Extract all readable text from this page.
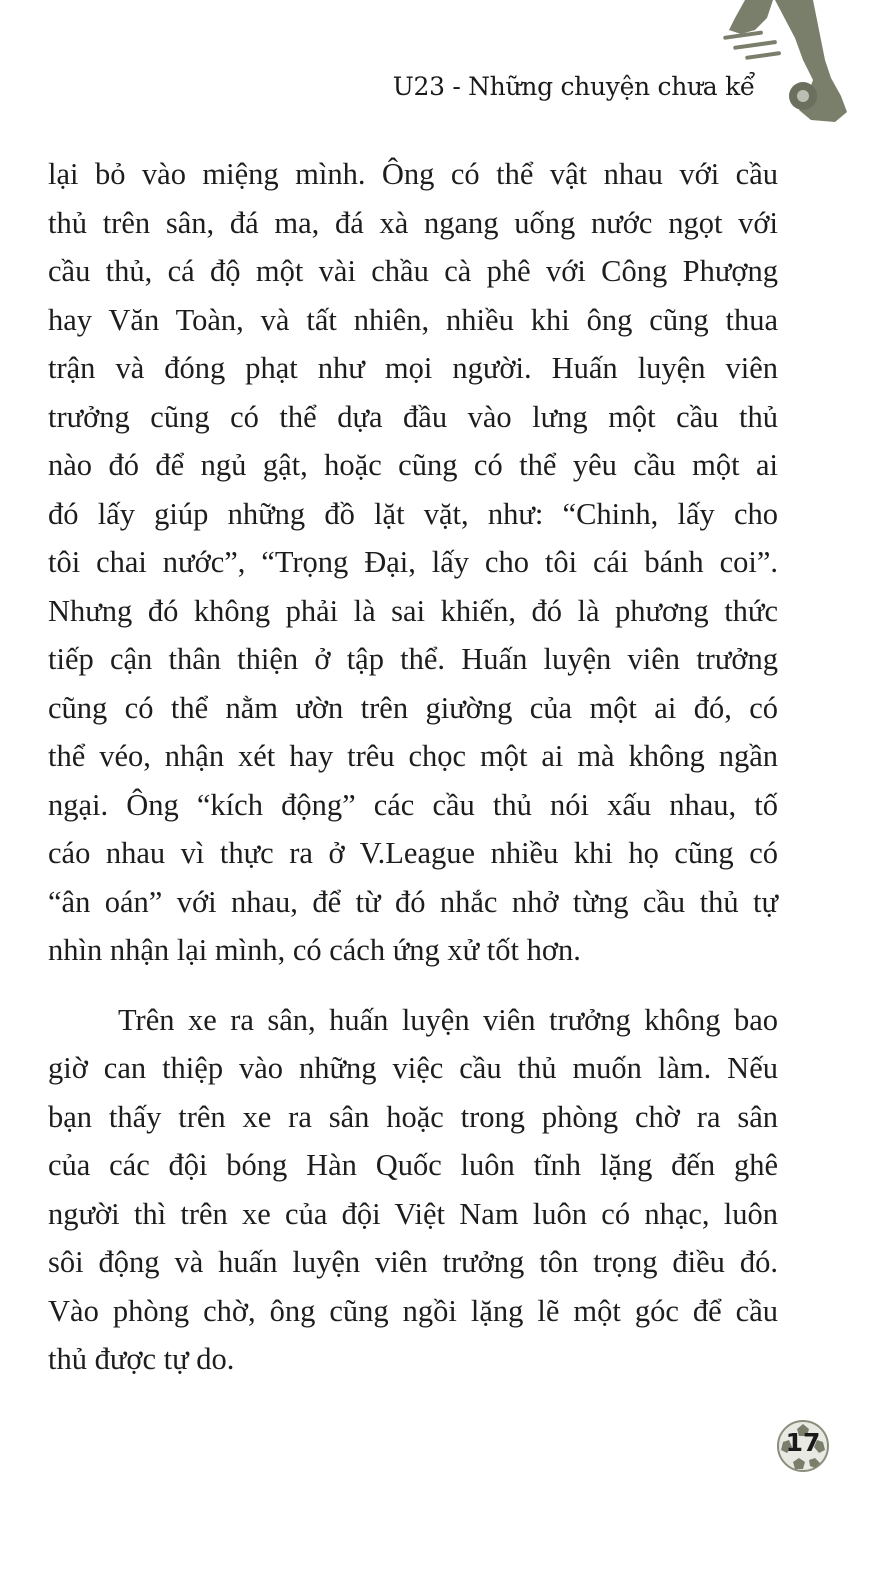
U23 - Những chuyện chưa kể
lại bỏ vào miệng mình. Ông có thể vật nhau với cầu
thủ trên sân, đá ma, đá xà ngang uống nước ngọt với
cầu thủ, cá độ một vài chầu cà phê với Công Phượng
hay Văn Toàn, và tất nhiên, nhiều khi ông cũng thua
trận và đóng phạt như mọi người. Huấn luyện viên
trưởng cũng có thể dựa đầu vào lưng một cầu thủ
nào đó để ngủ gật, hoặc cũng có thể yêu cầu một ai
đó lấy giúp những đồ lặt vặt, như: “Chinh, lấy cho
tôi chai nước”, “Trọng Đại, lấy cho tôi cái bánh coi”.
Nhưng đó không phải là sai khiến, đó là phương thức
tiếp cận thân thiện ở tập thể. Huấn luyện viên trưởng
cũng có thể nằm ườn trên giường của một ai đó, có
thể véo, nhận xét hay trêu chọc một ai mà không ngần
ngại. Ông “kích động” các cầu thủ nói xấu nhau, tố
cáo nhau vì thực ra ở V.League nhiều khi họ cũng có
“ân oán” với nhau, để từ đó nhắc nhở từng cầu thủ tự
nhìn nhận lại mình, có cách ứng xử tốt hơn.
Trên xe ra sân, huấn luyện viên trưởng không bao
giờ can thiệp vào những việc cầu thủ muốn làm. Nếu
bạn thấy trên xe ra sân hoặc trong phòng chờ ra sân
của các đội bóng Hàn Quốc luôn tĩnh lặng đến ghê
người thì trên xe của đội Việt Nam luôn có nhạc, luôn
sôi động và huấn luyện viên trưởng tôn trọng điều đó.
Vào phòng chờ, ông cũng ngồi lặng lẽ một góc để cầu
thủ được tự do.
17
